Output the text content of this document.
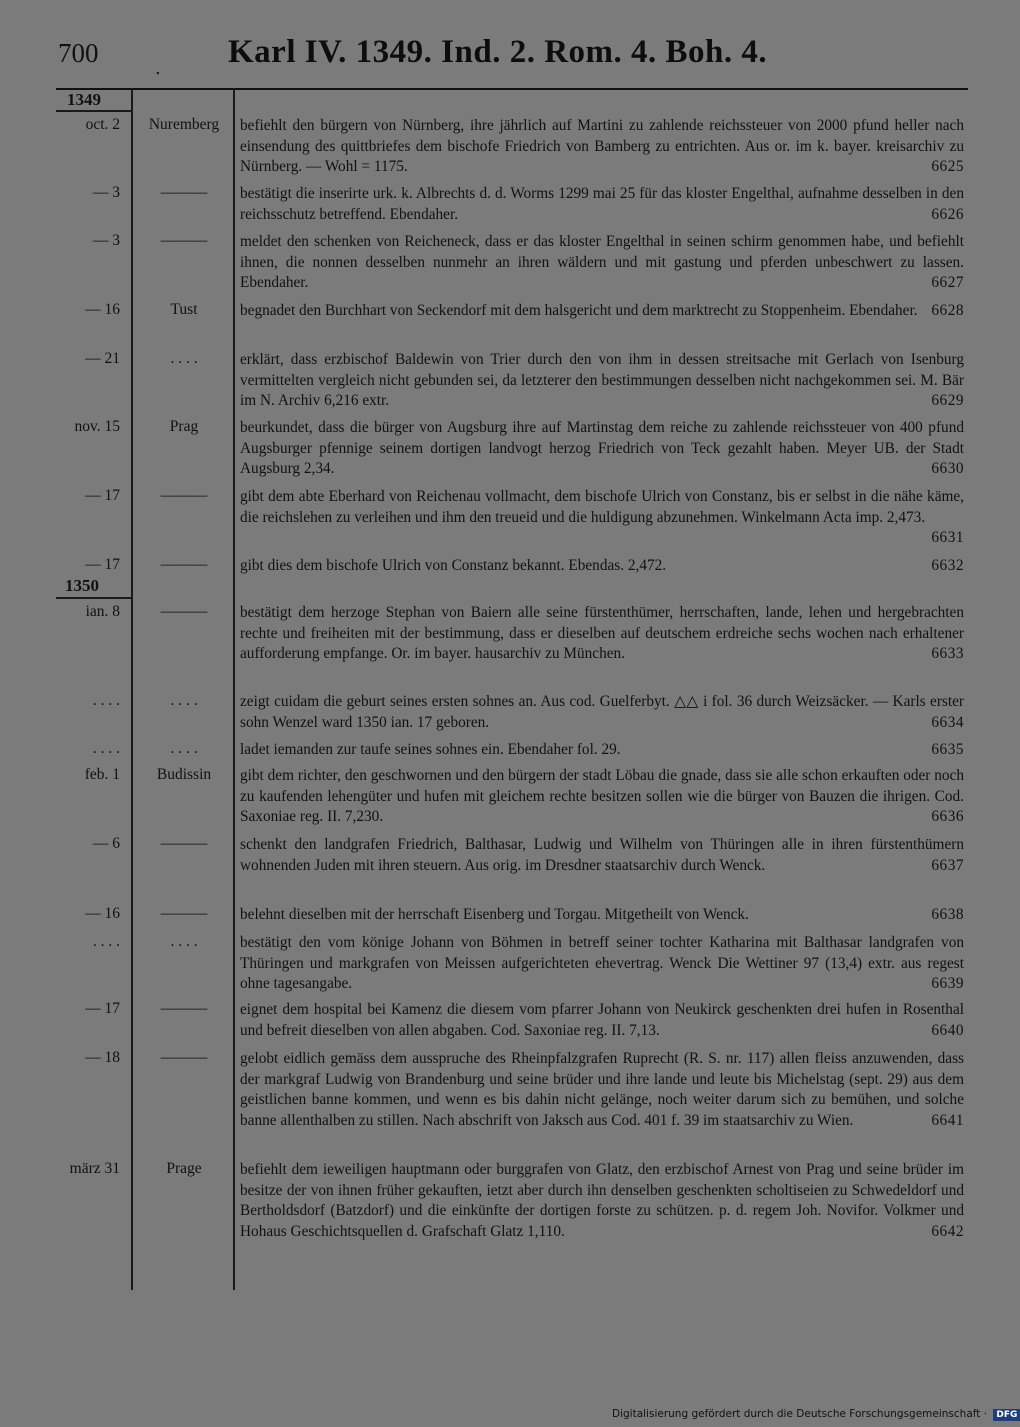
700
. Karl IV. 1349. Ind. 2. Rom. 4. Boh. 4.
1349
1350
oct. 2	Nuremberg	befiehlt den bürgern von Nürnberg, ihre jährlich auf Martini zu zahlende reichssteuer von 2000 pfund heller nach einsendung des quittbriefes dem bischofe Friedrich von Bamberg zu entrichten. Aus or. im k. bayer. kreisarchiv zu Nürnberg. — Wohl = 1175.	6625
— 3	———	bestätigt die inserirte urk. k. Albrechts d. d. Worms 1299 mai 25 für das kloster Engelthal, aufnahme desselben in den reichsschutz betreffend. Ebendaher.	6626
— 3	———	meldet den schenken von Reicheneck, dass er das kloster Engelthal in seinen schirm genommen habe, und befiehlt ihnen, die nonnen desselben nunmehr an ihren wäldern und mit gastung und pferden unbeschwert zu lassen. Ebendaher.	6627
— 16	Tust	begnadet den Burchhart von Seckendorf mit dem halsgericht und dem marktrecht zu Stoppenheim. Ebendaher. 6628
— 21	. . . .	erklärt, dass erzbischof Baldewin von Trier durch den von ihm in dessen streitsache mit Gerlach von Isenburg vermittelten vergleich nicht gebunden sei, da letzterer den bestimmungen desselben nicht nachgekommen sei. M. Bär im N. Archiv 6,216 extr.	6629
nov. 15	Prag	beurkundet, dass die bürger von Augsburg ihre auf Martinstag dem reiche zu zahlende reichssteuer von 400 pfund Augsburger pfennige seinem dortigen landvogt herzog Friedrich von Teck gezahlt haben. Meyer UB. der Stadt Augsburg 2,34.	6630
— 17	———	gibt dem abte Eberhard von Reichenau vollmacht, dem bischofe Ulrich von Constanz, bis er selbst in die nähe käme, die reichslehen zu verleihen und ihm den treueid und die huldigung abzunehmen. Winkelmann Acta imp. 2,473.
6631
— 17	———	gibt dies dem bischofe Ulrich von Constanz bekannt. Ebendas. 2,472.	6632
ian. 8	———	bestätigt dem herzoge Stephan von Baiern alle seine fürstenthümer, herrschaften, lande, lehen und hergebrachten rechte und freiheiten mit der bestimmung, dass er dieselben auf deutschem erdreiche sechs wochen nach erhaltener aufforderung empfange. Or. im bayer. hausarchiv zu München.	6633
. . . .	. . . .	zeigt cuidam die geburt seines ersten sohnes an. Aus cod. Guelferbyt. △△ i fol. 36 durch Weizsäcker. — Karls erster sohn Wenzel ward 1350 ian. 17 geboren.	6634
. . . .	. . . .	ladet iemanden zur taufe seines sohnes ein. Ebendaher fol. 29.	6635
feb. 1	Budissin	gibt dem richter, den geschwornen und den bürgern der stadt Löbau die gnade, dass sie alle schon erkauften oder noch zu kaufenden lehengüter und hufen mit gleichem rechte besitzen sollen wie die bürger von Bauzen die ihrigen. Cod. Saxoniae reg. II. 7,230.	6636
— 6	———	schenkt den landgrafen Friedrich, Balthasar, Ludwig und Wilhelm von Thüringen alle in ihren fürstenthümern wohnenden Juden mit ihren steuern. Aus orig. im Dresdner staatsarchiv durch Wenck.	6637
— 16	———	belehnt dieselben mit der herrschaft Eisenberg und Torgau. Mitgetheilt von Wenck.	6638
. . . .	. . . .	bestätigt den vom könige Johann von Böhmen in betreff seiner tochter Katharina mit Balthasar landgrafen von Thüringen und markgrafen von Meissen aufgerichteten ehevertrag. Wenck Die Wettiner 97 (13,4) extr. aus regest ohne tagesangabe.	6639
— 17	———	eignet dem hospital bei Kamenz die diesem vom pfarrer Johann von Neukirck geschenkten drei hufen in Rosenthal und befreit dieselben von allen abgaben. Cod. Saxoniae reg. II. 7,13.	6640
— 18	———	gelobt eidlich gemäss dem ausspruche des Rheinpfalzgrafen Ruprecht (R. S. nr. 117) allen fleiss anzuwenden, dass der markgraf Ludwig von Brandenburg und seine brüder und ihre lande und leute bis Michelstag (sept. 29) aus dem geistlichen banne kommen, und wenn es bis dahin nicht gelänge, noch weiter darum sich zu bemühen, und solche banne allenthalben zu stillen. Nach abschrift von Jaksch aus Cod. 401 f. 39 im staatsarchiv zu Wien.	6641
märz 31	Prage	befiehlt dem ieweiligen hauptmann oder burggrafen von Glatz, den erzbischof Arnest von Prag und seine brüder im besitze der von ihnen früher gekauften, ietzt aber durch ihn denselben geschenkten scholtiseien zu Schwedeldorf und Bertholdsdorf (Batzdorf) und die einkünfte der dortigen forste zu schützen. p. d. regem Joh. Novifor. Volkmer und Hohaus Geschichtsquellen d. Grafschaft Glatz 1,110.	6642
Digitalisierung gefördert durch die Deutsche Forschungsgemeinschaft · DFG
